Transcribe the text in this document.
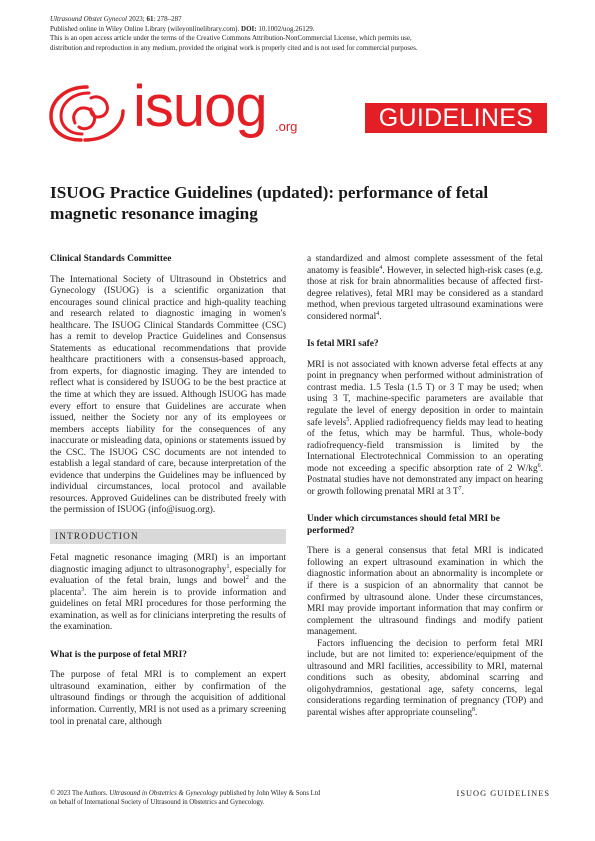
Ultrasound Obstet Gynecol 2023; 61: 278–287
Published online in Wiley Online Library (wileyonlinelibrary.com). DOI: 10.1002/uog.26129.
This is an open access article under the terms of the Creative Commons Attribution-NonCommercial License, which permits use,
distribution and reproduction in any medium, provided the original work is properly cited and is not used for commercial purposes.
isuog .org	GUIDELINES
ISUOG Practice Guidelines (updated): performance of fetal
magnetic resonance imaging
Clinical Standards Committee

The International Society of Ultrasound in Obstetrics and Gynecology (ISUOG) is a scientific organization that encourages sound clinical practice and high-quality teaching and research related to diagnostic imaging in women's healthcare. The ISUOG Clinical Standards Committee (CSC) has a remit to develop Practice Guidelines and Consensus Statements as educational recommendations that provide healthcare practitioners with a consensus-based approach, from experts, for diagnostic imaging. They are intended to reflect what is considered by ISUOG to be the best practice at the time at which they are issued. Although ISUOG has made every effort to ensure that Guidelines are accurate when issued, neither the Society nor any of its employees or members accepts liability for the consequences of any inaccurate or misleading data, opinions or statements issued by the CSC. The ISUOG CSC documents are not intended to establish a legal standard of care, because interpretation of the evidence that underpins the Guidelines may be influenced by individual circumstances, local protocol and available resources. Approved Guidelines can be distributed freely with the permission of ISUOG (info@isuog.org).

INTRODUCTION

Fetal magnetic resonance imaging (MRI) is an important diagnostic imaging adjunct to ultrasonography$^1$, especially for evaluation of the fetal brain, lungs and bowel$^2$ and the placenta$^3$. The aim herein is to provide information and guidelines on fetal MRI procedures for those performing the examination, as well as for clinicians interpreting the results of the examination.

What is the purpose of fetal MRI?

The purpose of fetal MRI is to complement an expert ultrasound examination, either by confirmation of the ultrasound findings or through the acquisition of additional information. Currently, MRI is not used as a primary screening tool in prenatal care, although

a standardized and almost complete assessment of the fetal anatomy is feasible$^4$. However, in selected high-risk cases (e.g. those at risk for brain abnormalities because of affected first-degree relatives), fetal MRI may be considered as a standard method, when previous targeted ultrasound examinations were considered normal$^4$.

Is fetal MRI safe?

MRI is not associated with known adverse fetal effects at any point in pregnancy when performed without administration of contrast media. 1.5 Tesla (1.5 T) or 3 T may be used; when using 3 T, machine-specific parameters are available that regulate the level of energy deposition in order to maintain safe levels$^5$. Applied radiofrequency fields may lead to heating of the fetus, which may be harmful. Thus, whole-body radiofrequency-field transmission is limited by the International Electrotechnical Commission to an operating mode not exceeding a specific absorption rate of 2 $W/kg^6$. Postnatal studies have not demonstrated any impact on hearing or growth following prenatal MRI at 3 $T^7$.

Under which circumstances should fetal MRI be performed?

There is a general consensus that fetal MRI is indicated following an expert ultrasound examination in which the diagnostic information about an abnormality is incomplete or if there is a suspicion of an abnormality that cannot be confirmed by ultrasound alone. Under these circumstances, MRI may provide important information that may confirm or complement the ultrasound findings and modify patient management.

Factors influencing the decision to perform fetal MRI include, but are not limited to: experience/equipment of the ultrasound and MRI facilities, accessibility to MRI, maternal conditions such as obesity, abdominal scarring and oligohydramnios, gestational age, safety concerns, legal considerations regarding termination of pregnancy (TOP) and parental wishes after appropriate counseling$^8$.

© 2023 The Authors. Ultrasound in Obstetrics & Gynecology published by John Wiley & Sons Ltd
on behalf of International Society of Ultrasound in Obstetrics and Gynecology.
ISUOG GUIDELINES
